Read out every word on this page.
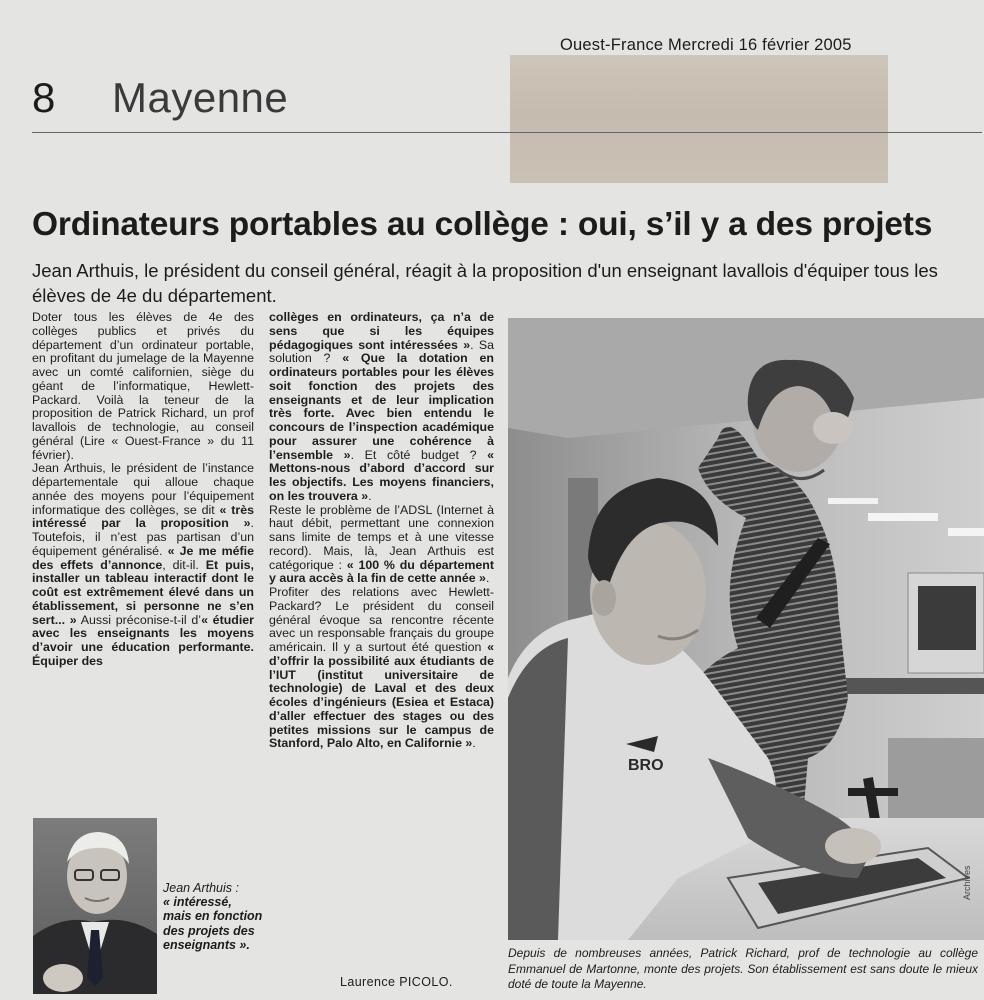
Ouest-France Mercredi 16 février 2005
8 Mayenne
Ordinateurs portables au collège : oui, s’il y a des projets
Jean Arthuis, le président du conseil général, réagit à la proposition d'un enseignant lavallois d'équiper tous les élèves de 4e du département.

Doter tous les élèves de 4e des collèges publics et privés du département d’un ordinateur portable, en profitant du jumelage de la Mayenne avec un comté californien, siège du géant de l’informatique, Hewlett-Packard. Voilà la teneur de la proposition de Patrick Richard, un prof lavallois de technologie, au conseil général (Lire « Ouest-France » du 11 février).

Jean Arthuis, le président de l’instance départementale qui alloue chaque année des moyens pour l’équipement informatique des collèges, se dit « très intéressé par la proposition ». Toutefois, il n’est pas partisan d’un équipement généralisé. « Je me méfie des effets d’annonce, dit-il. Et puis, installer un tableau interactif dont le coût est extrêmement élevé dans un établissement, si personne ne s’en sert... » Aussi préconise-t-il d’« étudier avec les enseignants les moyens d’avoir une éducation performante. Équiper des

collèges en ordinateurs, ça n’a de sens que si les équipes pédagogiques sont intéressées ». Sa solution ? « Que la dotation en ordinateurs portables pour les élèves soit fonction des projets des enseignants et de leur implication très forte. Avec bien entendu le concours de l’inspection académique pour assurer une cohérence à l’ensemble ». Et côté budget ? « Mettons-nous d’abord d’accord sur les objectifs. Les moyens financiers, on les trouvera ».

Reste le problème de l’ADSL (Internet à haut débit, permettant une connexion sans limite de temps et à une vitesse record). Mais, là, Jean Arthuis est catégorique : « 100 % du département y aura accès à la fin de cette année ».

Profiter des relations avec Hewlett-Packard? Le président du conseil général évoque sa rencontre récente avec un responsable français du groupe américain. Il y a surtout été question « d’offrir la possibilité aux étudiants de l’IUT (institut universitaire de technologie) de Laval et des deux écoles d’ingénieurs (Esiea et Estaca) d’aller effectuer des stages ou des petites missions sur le campus de Stanford, Palo Alto, en Californie ».

Jean Arthuis :
« intéressé, mais en fonction des projets des enseignants ».
Laurence PICOLO.
BRO
Depuis de nombreuses années, Patrick Richard, prof de technologie au collège Emmanuel de Martonne, monte des projets. Son établissement est sans doute le mieux doté de toute la Mayenne.
Archives
